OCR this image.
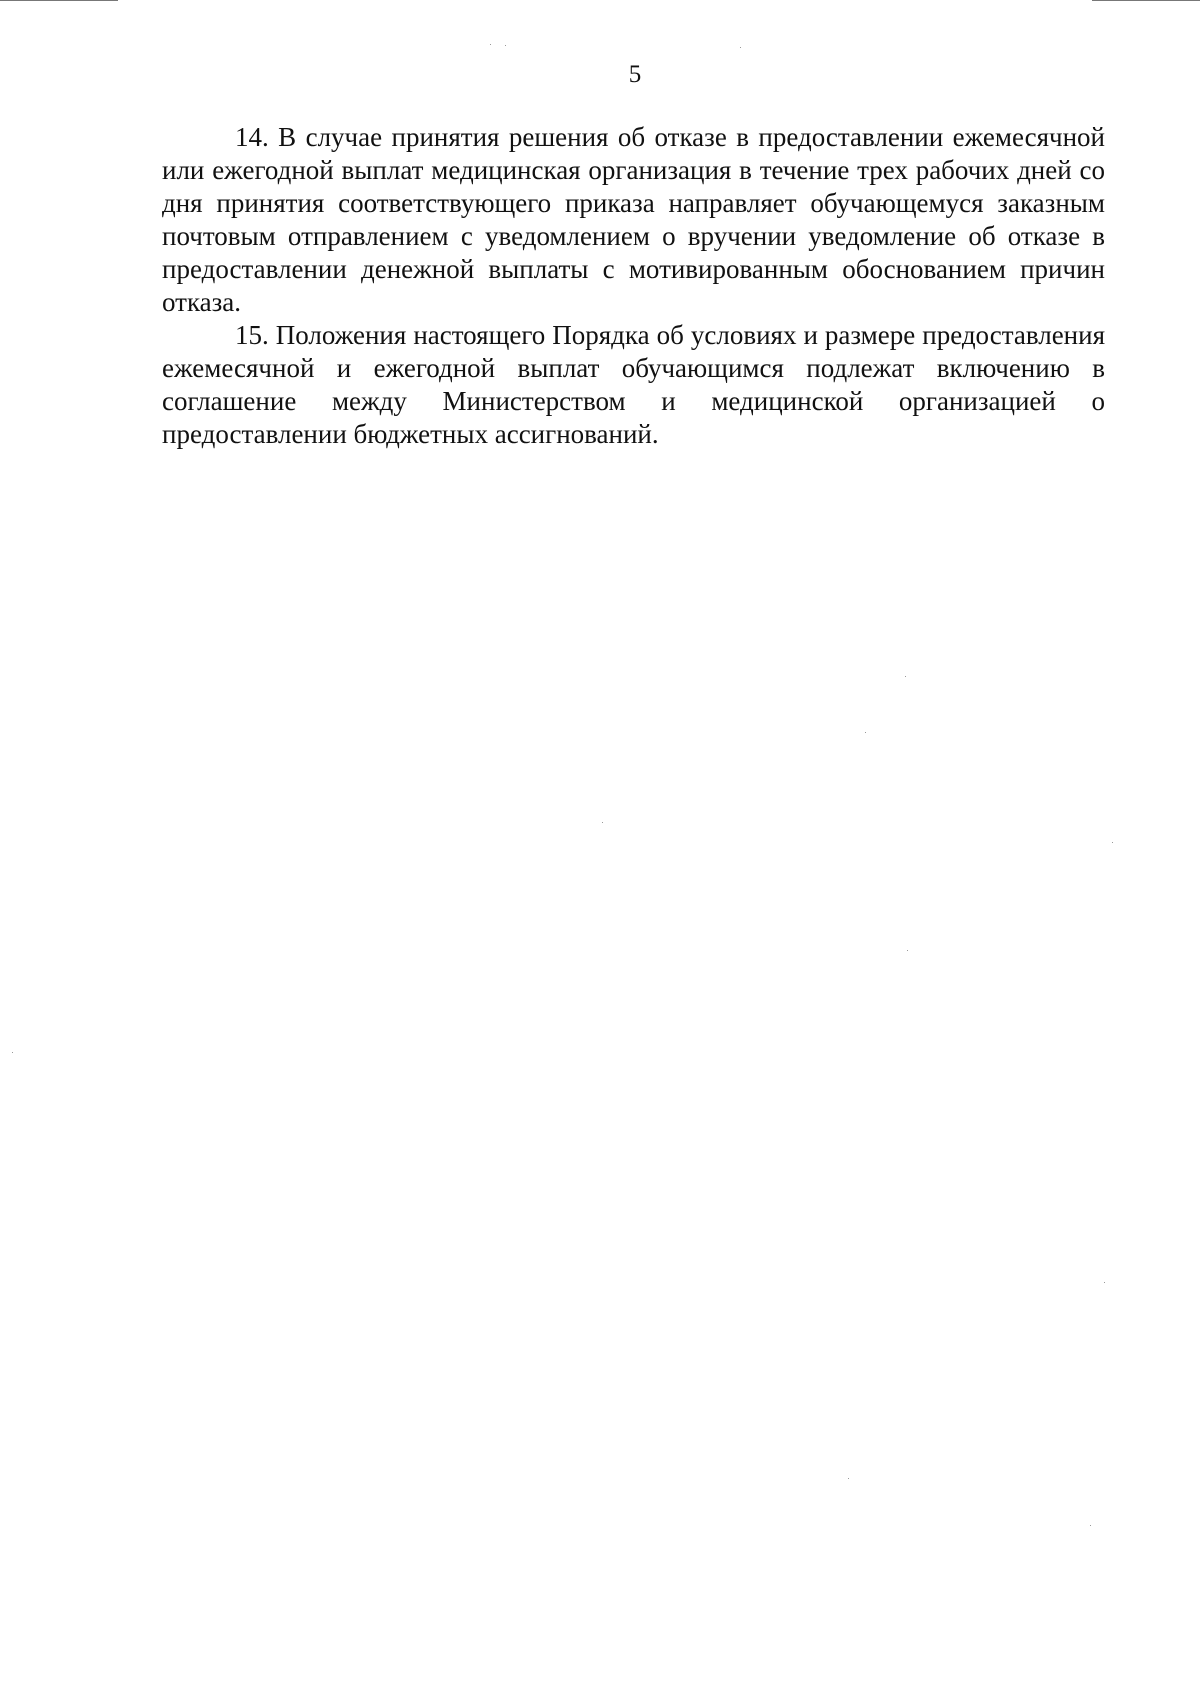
5

14. В случае принятия решения об отказе в предоставлении ежемесячной или ежегодной выплат медицинская организация в течение трех рабочих дней со дня принятия соответствующего приказа направляет обучающемуся заказным почтовым отправлением с уведомлением о вручении уведомление об отказе в предоставлении денежной выплаты с мотивированным обоснованием причин отказа.

15. Положения настоящего Порядка об условиях и размере предоставления ежемесячной и ежегодной выплат обучающимся подлежат включению в соглашение между Министерством и медицинской организацией о предоставлении бюджетных ассигнований.
